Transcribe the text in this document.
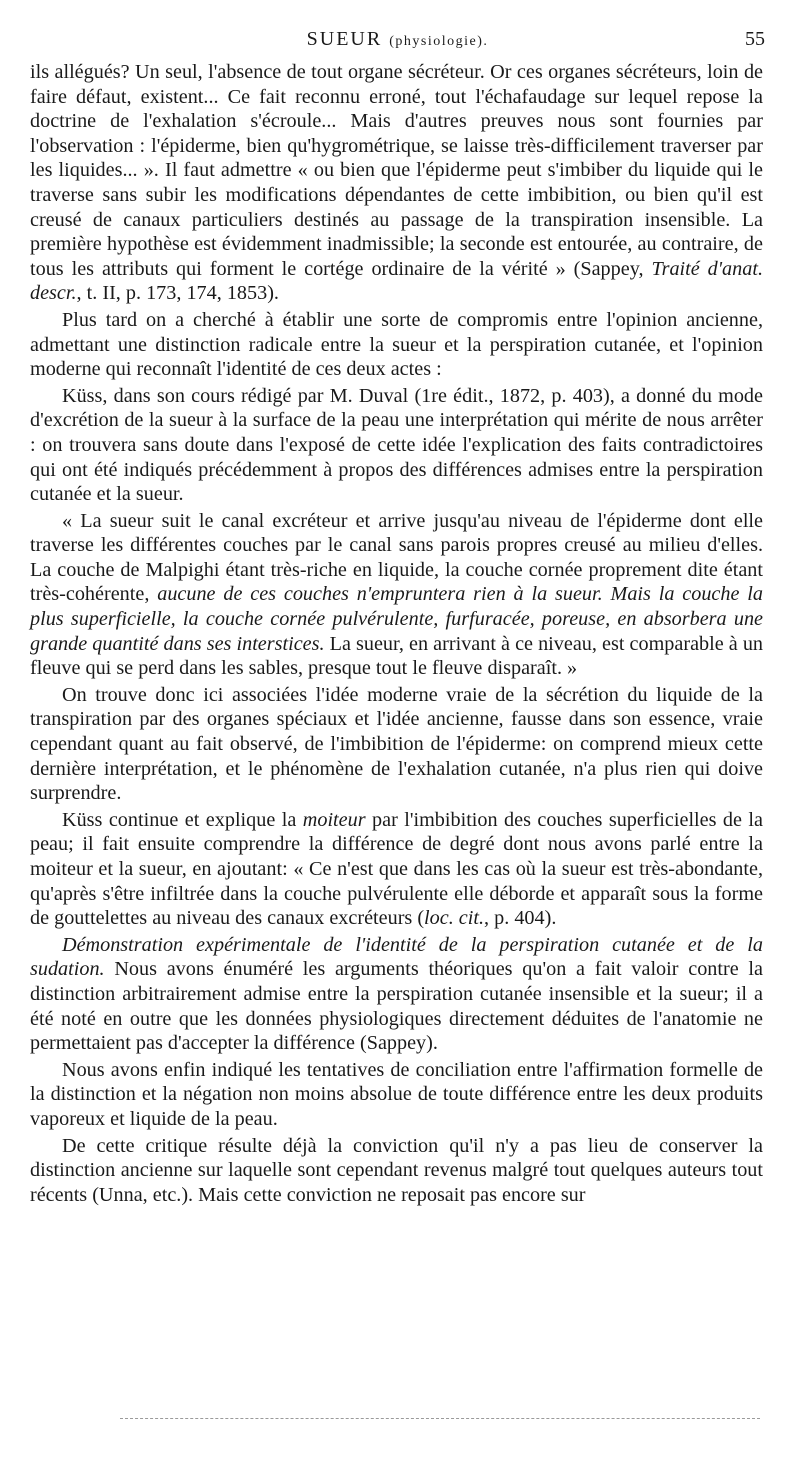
SUEUR (physiologie).	55

ils allégués? Un seul, l'absence de tout organe sécréteur. Or ces organes sécréteurs, loin de faire défaut, existent... Ce fait reconnu erroné, tout l'échafaudage sur lequel repose la doctrine de l'exhalation s'écroule... Mais d'autres preuves nous sont fournies par l'observation : l'épiderme, bien qu'hygrométrique, se laisse très-difficilement traverser par les liquides... ». Il faut admettre « ou bien que l'épiderme peut s'imbiber du liquide qui le traverse sans subir les modifications dépendantes de cette imbibition, ou bien qu'il est creusé de canaux particuliers destinés au passage de la transpiration insensible. La première hypothèse est évidemment inadmissible; la seconde est entourée, au contraire, de tous les attributs qui forment le cortége ordinaire de la vérité » (Sappey, Traité d'anat. descr., t. II, p. 173, 174, 1853).

Plus tard on a cherché à établir une sorte de compromis entre l'opinion ancienne, admettant une distinction radicale entre la sueur et la perspiration cutanée, et l'opinion moderne qui reconnaît l'identité de ces deux actes :

Küss, dans son cours rédigé par M. Duval (1re édit., 1872, p. 403), a donné du mode d'excrétion de la sueur à la surface de la peau une interprétation qui mérite de nous arrêter : on trouvera sans doute dans l'exposé de cette idée l'explication des faits contradictoires qui ont été indiqués précédemment à propos des différences admises entre la perspiration cutanée et la sueur.

« La sueur suit le canal excréteur et arrive jusqu'au niveau de l'épiderme dont elle traverse les différentes couches par le canal sans parois propres creusé au milieu d'elles. La couche de Malpighi étant très-riche en liquide, la couche cornée proprement dite étant très-cohérente, aucune de ces couches n'empruntera rien à la sueur. Mais la couche la plus superficielle, la couche cornée pulvérulente, furfuracée, poreuse, en absorbera une grande quantité dans ses interstices. La sueur, en arrivant à ce niveau, est comparable à un fleuve qui se perd dans les sables, presque tout le fleuve disparaît. »

On trouve donc ici associées l'idée moderne vraie de la sécrétion du liquide de la transpiration par des organes spéciaux et l'idée ancienne, fausse dans son essence, vraie cependant quant au fait observé, de l'imbibition de l'épiderme: on comprend mieux cette dernière interprétation, et le phénomène de l'exhalation cutanée, n'a plus rien qui doive surprendre.

Küss continue et explique la moiteur par l'imbibition des couches superficielles de la peau; il fait ensuite comprendre la différence de degré dont nous avons parlé entre la moiteur et la sueur, en ajoutant: « Ce n'est que dans les cas où la sueur est très-abondante, qu'après s'être infiltrée dans la couche pulvérulente elle déborde et apparaît sous la forme de gouttelettes au niveau des canaux excréteurs (loc. cit., p. 404).

Démonstration expérimentale de l'identité de la perspiration cutanée et de la sudation. Nous avons énuméré les arguments théoriques qu'on a fait valoir contre la distinction arbitrairement admise entre la perspiration cutanée insensible et la sueur; il a été noté en outre que les données physiologiques directement déduites de l'anatomie ne permettaient pas d'accepter la différence (Sappey).

Nous avons enfin indiqué les tentatives de conciliation entre l'affirmation formelle de la distinction et la négation non moins absolue de toute différence entre les deux produits vaporeux et liquide de la peau.

De cette critique résulte déjà la conviction qu'il n'y a pas lieu de conserver la distinction ancienne sur laquelle sont cependant revenus malgré tout quelques auteurs tout récents (Unna, etc.). Mais cette conviction ne reposait pas encore sur
